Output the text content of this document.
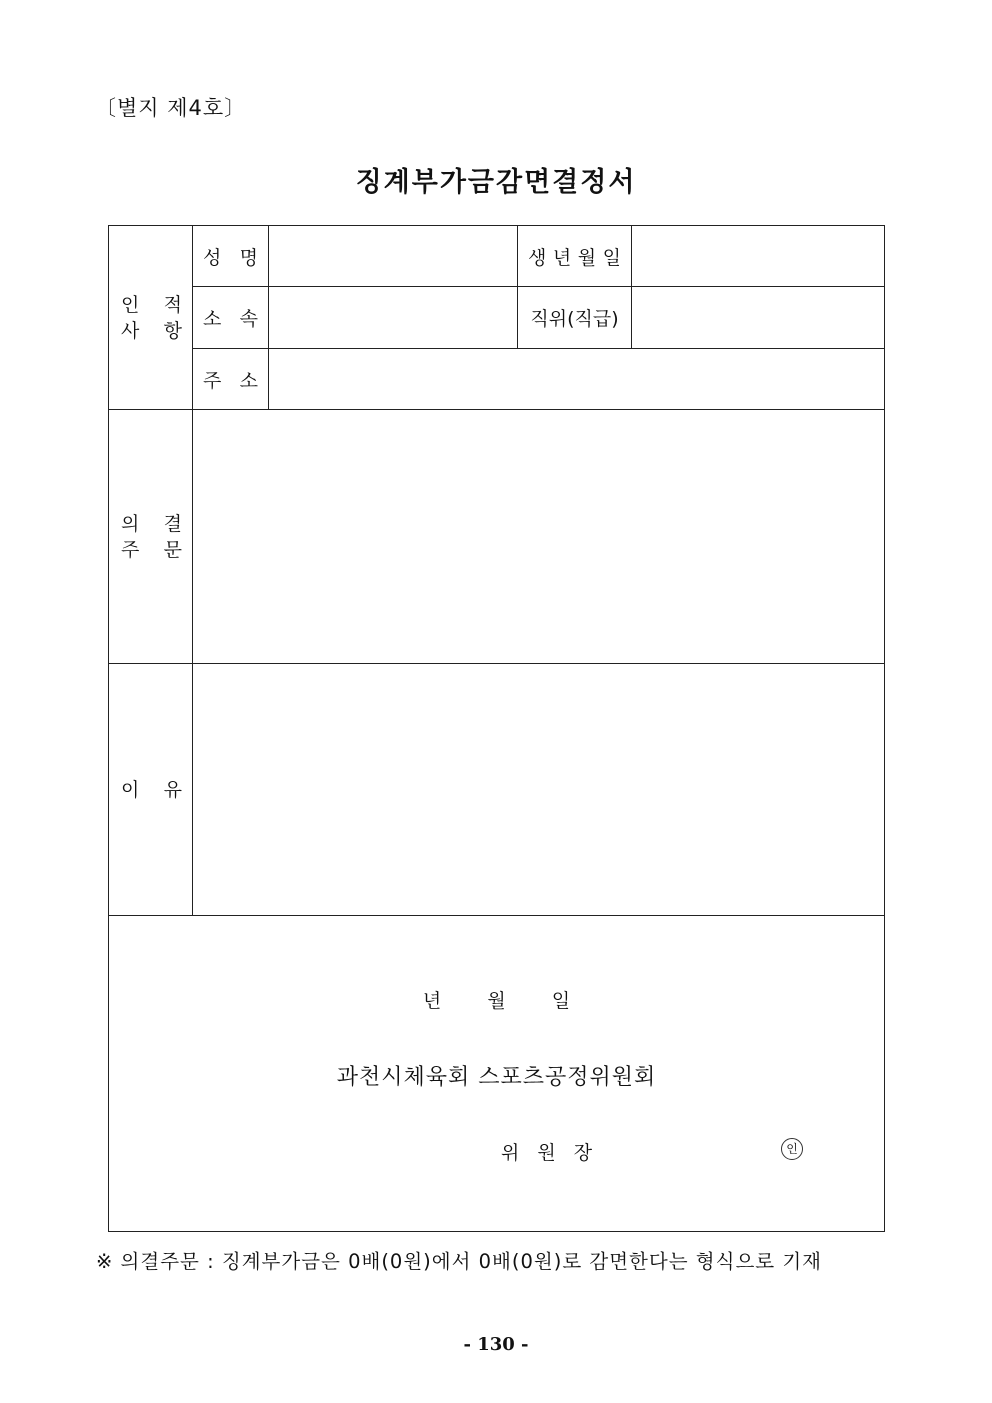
〔별지 제4호〕
징계부가금감면결정서
인 적
사 항	성 명		생 년 월 일	
	소 속		직위(직급)	
	주 소			

의 결
주 문				

이 유				

년 월 일
과천시체육회 스포츠공정위원회
위 원 장 인				
※ 의결주문 : 징계부가금은 0배(0원)에서 0배(0원)로 감면한다는 형식으로 기재
- 130 -
